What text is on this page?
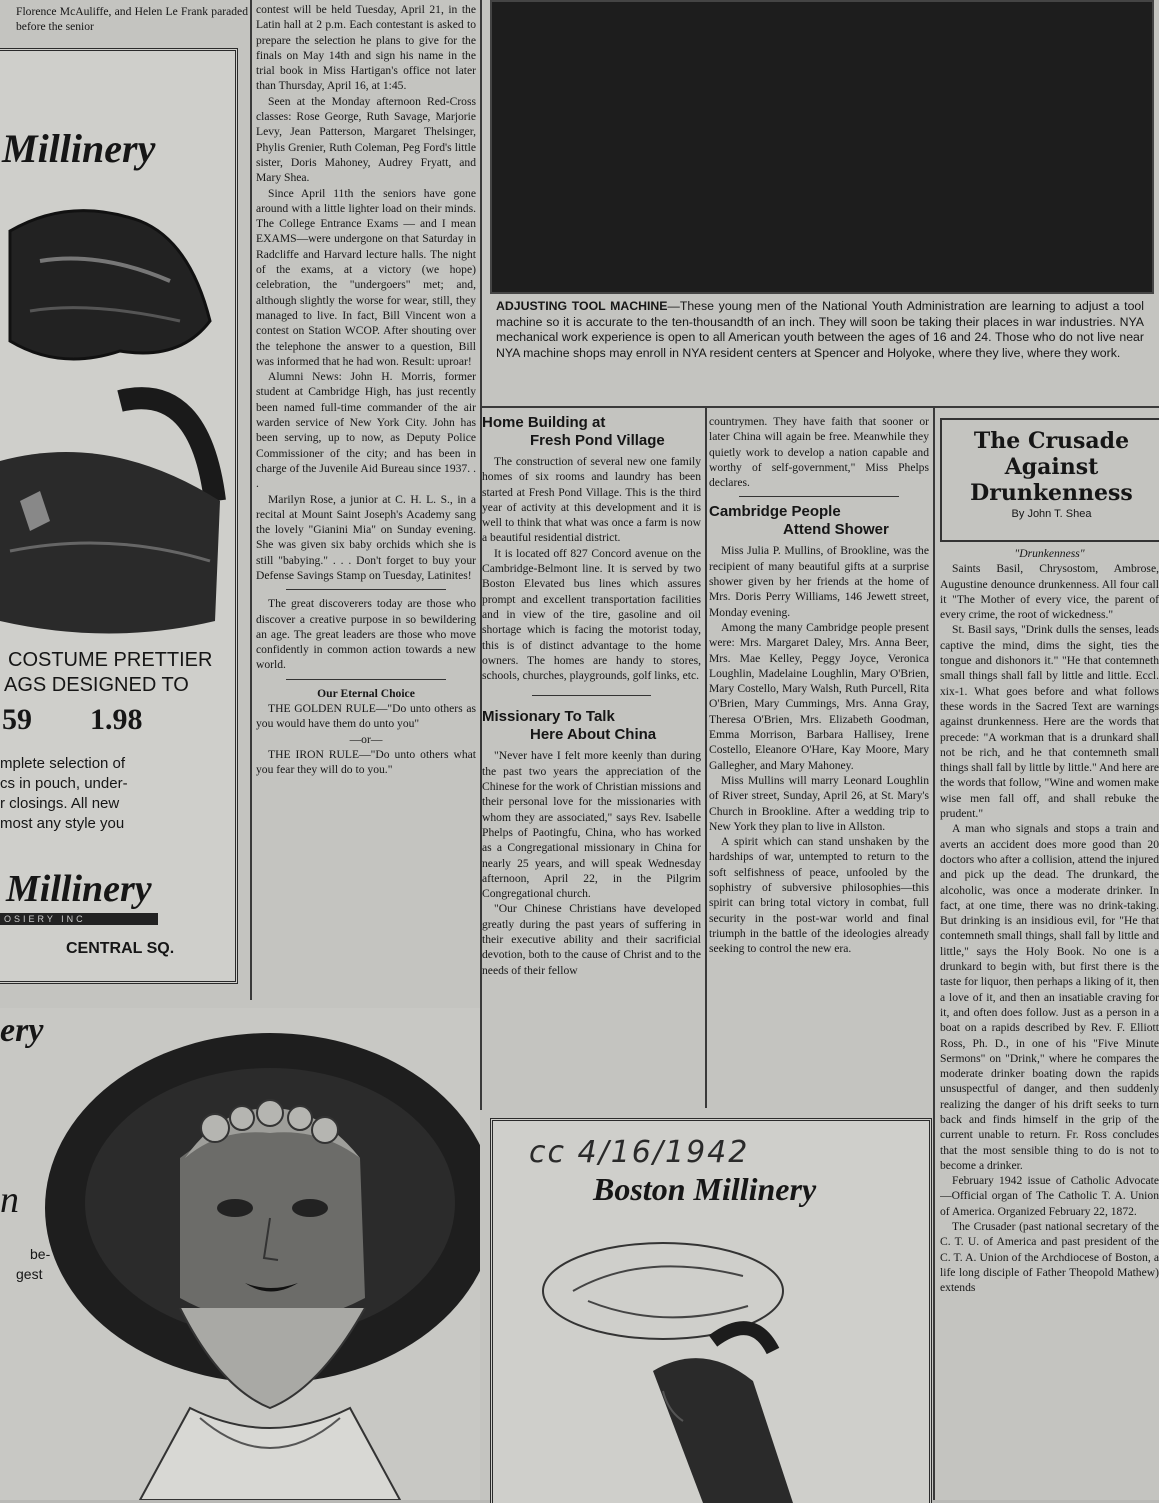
Florence McAuliffe, and Helen Le Frank paraded before the senior

Millinery
COSTUME PRETTIER
AGS DESIGNED TO
59 1.98
mplete selection of
cs in pouch, under-
r closings. All new
most any style you
Millinery
OSIERY INC
CENTRAL SQ.
ery
n
be-
gest

contest will be held Tuesday, April 21, in the Latin hall at 2 p.m. Each contestant is asked to prepare the selection he plans to give for the finals on May 14th and sign his name in the trial book in Miss Hartigan's office not later than Thursday, April 16, at 1:45.

Seen at the Monday afternoon Red-Cross classes: Rose George, Ruth Savage, Marjorie Levy, Jean Patterson, Margaret Thelsinger, Phylis Grenier, Ruth Coleman, Peg Ford's little sister, Doris Mahoney, Audrey Fryatt, and Mary Shea.

Since April 11th the seniors have gone around with a little lighter load on their minds. The College Entrance Exams — and I mean EXAMS—were undergone on that Saturday in Radcliffe and Harvard lecture halls. The night of the exams, at a victory (we hope) celebration, the "undergoers" met; and, although slightly the worse for wear, still, they managed to live. In fact, Bill Vincent won a contest on Station WCOP. After shouting over the telephone the answer to a question, Bill was informed that he had won. Result: uproar!

Alumni News: John H. Morris, former student at Cambridge High, has just recently been named full-time commander of the air warden service of New York City. John has been serving, up to now, as Deputy Police Commissioner of the city; and has been in charge of the Juvenile Aid Bureau since 1937. . .

Marilyn Rose, a junior at C. H. L. S., in a recital at Mount Saint Joseph's Academy sang the lovely "Gianini Mia" on Sunday evening. She was given six baby orchids which she is still "babying." . . . Don't forget to buy your Defense Savings Stamp on Tuesday, Latinites!

The great discoverers today are those who discover a creative purpose in so bewildering an age. The great leaders are those who move confidently in common action towards a new world.

Our Eternal Choice

THE GOLDEN RULE—"Do unto others as you would have them do unto you"

—or—

THE IRON RULE—"Do unto others what you fear they will do to you."

ADJUSTING TOOL MACHINE—These young men of the National Youth Administration are learning to adjust a tool machine so it is accurate to the ten-thousandth of an inch. They will soon be taking their places in war industries. NYA mechanical work experience is open to all American youth between the ages of 16 and 24. Those who do not live near NYA machine shops may enroll in NYA resident centers at Spencer and Holyoke, where they live, where they work.
Home Building at
Fresh Pond Village

The construction of several new one family homes of six rooms and laundry has been started at Fresh Pond Village. This is the third year of activity at this development and it is well to think that what was once a farm is now a beautiful residential district.

It is located off 827 Concord avenue on the Cambridge-Belmont line. It is served by two Boston Elevated bus lines which assures prompt and excellent transportation facilities and in view of the tire, gasoline and oil shortage which is facing the motorist today, this is of distinct advantage to the home owners. The homes are handy to stores, schools, churches, playgrounds, golf links, etc.

Missionary To Talk
Here About China

"Never have I felt more keenly than during the past two years the appreciation of the Chinese for the work of Christian missions and their personal love for the missionaries with whom they are associated," says Rev. Isabelle Phelps of Paotingfu, China, who has worked as a Congregational missionary in China for nearly 25 years, and will speak Wednesday afternoon, April 22, in the Pilgrim Congregational church.

"Our Chinese Christians have developed greatly during the past years of suffering in their executive ability and their sacrificial devotion, both to the cause of Christ and to the needs of their fellow

countrymen. They have faith that sooner or later China will again be free. Meanwhile they quietly work to develop a nation capable and worthy of self-government," Miss Phelps declares.

Cambridge People
Attend Shower

Miss Julia P. Mullins, of Brookline, was the recipient of many beautiful gifts at a surprise shower given by her friends at the home of Mrs. Doris Perry Williams, 146 Jewett street, Monday evening.

Among the many Cambridge people present were: Mrs. Margaret Daley, Mrs. Anna Beer, Mrs. Mae Kelley, Peggy Joyce, Veronica Loughlin, Madelaine Loughlin, Mary O'Brien, Mary Costello, Mary Walsh, Ruth Purcell, Rita O'Brien, Mary Cummings, Mrs. Anna Gray, Theresa O'Brien, Mrs. Elizabeth Goodman, Emma Morrison, Barbara Hallisey, Irene Costello, Eleanore O'Hare, Kay Moore, Mary Gallegher, and Mary Mahoney.

Miss Mullins will marry Leonard Loughlin of River street, Sunday, April 26, at St. Mary's Church in Brookline. After a wedding trip to New York they plan to live in Allston.

A spirit which can stand unshaken by the hardships of war, untempted to return to the soft selfishness of peace, unfooled by the sophistry of subversive philosophies—this spirit can bring total victory in combat, full security in the post-war world and final triumph in the battle of the ideologies already seeking to control the new era.

The Crusade
Against
Drunkenness
By John T. Shea

"Drunkenness"

Saints Basil, Chrysostom, Ambrose, Augustine denounce drunkenness. All four call it "The Mother of every vice, the parent of every crime, the root of wickedness."

St. Basil says, "Drink dulls the senses, leads captive the mind, dims the sight, ties the tongue and dishonors it." "He that contemneth small things shall fall by little and little. Eccl. xix-1. What goes before and what follows these words in the Sacred Text are warnings against drunkenness. Here are the words that precede: "A workman that is a drunkard shall not be rich, and he that contemneth small things shall fall by little by little." And here are the words that follow, "Wine and women make wise men fall off, and shall rebuke the prudent."

A man who signals and stops a train and averts an accident does more good than 20 doctors who after a collision, attend the injured and pick up the dead. The drunkard, the alcoholic, was once a moderate drinker. In fact, at one time, there was no drink-taking. But drinking is an insidious evil, for "He that contemneth small things, shall fall by little and little," says the Holy Book. No one is a drunkard to begin with, but first there is the taste for liquor, then perhaps a liking of it, then a love of it, and then an insatiable craving for it, and often does follow. Just as a person in a boat on a rapids described by Rev. F. Elliott Ross, Ph. D., in one of his "Five Minute Sermons" on "Drink," where he compares the moderate drinker boating down the rapids unsuspectful of danger, and then suddenly realizing the danger of his drift seeks to turn back and finds himself in the grip of the current unable to return. Fr. Ross concludes that the most sensible thing to do is not to become a drinker.

February 1942 issue of Catholic Advocate—Official organ of The Catholic T. A. Union of America. Organized February 22, 1872.

The Crusader (past national secretary of the C. T. U. of America and past president of the C. T. A. Union of the Archdiocese of Boston, a life long disciple of Father Theopold Mathew) extends

cc 4/16/1942
Boston Millinery
